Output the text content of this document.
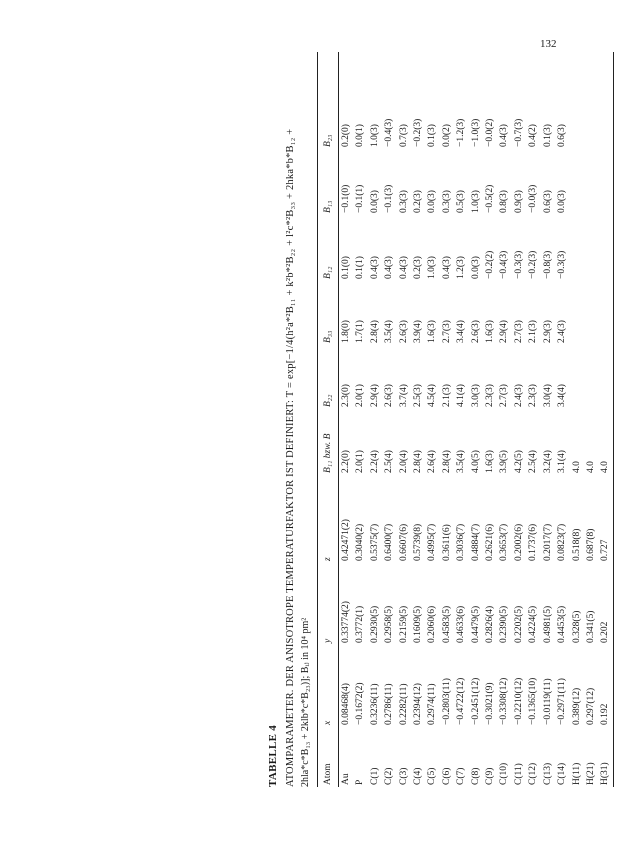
132
TABELLE 4 ATOMPARAMETER. DER ANISOTROPE TEMPERATURFAKTOR IST DEFINIERT: T = exp[−1/4(h²a*²B₁₁ + k²b*²B₂₂ + l²c*²B₃₃ + 2hka*b*B₁₂ + 2hla*c*B₁₃ + 2klb*c*B₂₃)]; Bᵢⱼ in 10⁴ pm² Atom	x	y	z	B₁₁ bzw. B	B₂₂	B₃₃	B₁₂	B₁₃	B₂₃
Au	0.08468(4)	0.33774(2)	0.42471(2)	2.2(0)	2.3(0)	1.8(0)	0.1(0)	−0.1(0)	0.2(0)
P	−0.1672(2)	0.3772(1)	0.3040(2)	2.0(1)	2.0(1)	1.7(1)	0.1(1)	−0.1(1)	0.0(1)
C(1)	0.3236(11)	0.2930(5)	0.5375(7)	2.2(4)	2.9(4)	2.8(4)	0.4(3)	0.0(3)	1.0(3)
C(2)	0.2786(11)	0.2958(5)	0.6400(7)	2.5(4)	2.6(3)	3.5(4)	0.4(3)	−0.1(3)	−0.4(3)
C(3)	0.2282(11)	0.2159(5)	0.6607(6)	2.0(4)	3.7(4)	2.6(3)	0.4(3)	0.3(3)	0.7(3)
C(4)	0.2394(12)	0.1609(5)	0.5739(8)	2.8(4)	2.5(3)	3.9(4)	0.2(3)	0.2(3)	−0.2(3)
C(5)	0.2974(11)	0.2060(6)	0.4995(7)	2.6(4)	4.5(4)	1.6(3)	1.0(3)	0.0(3)	0.1(3)
C(6)	−0.2803(11)	0.4583(5)	0.3611(6)	2.8(4)	2.1(3)	2.7(3)	0.4(3)	0.3(3)	0.0(2)
C(7)	−0.4722(12)	0.4633(6)	0.3036(7)	3.5(4)	4.1(4)	3.4(4)	1.2(3)	0.5(3)	−1.2(3)
C(8)	−0.2451(12)	0.4479(5)	0.4884(7)	4.0(5)	3.0(3)	2.6(3)	0.0(3)	1.0(3)	−1.0(3)
C(9)	−0.3021(9)	0.2826(4)	0.2621(6)	1.6(3)	2.3(3)	1.6(3)	−0.2(2)	−0.5(2)	−0.0(2)
C(10)	−0.3308(12)	0.2390(5)	0.3653(7)	3.9(5)	2.7(3)	2.9(4)	−0.4(3)	0.8(3)	0.4(3)
C(11)	−0.2210(12)	0.2202(5)	0.2002(6)	4.2(5)	2.4(3)	2.7(3)	−0.3(3)	0.9(3)	−0.7(3)
C(12)	−0.1365(10)	0.4224(5)	0.1737(6)	2.5(4)	2.3(3)	2.1(3)	−0.2(3)	−0.0(3)	0.4(2)
C(13)	−0.0119(11)	0.4981(5)	0.2017(7)	3.2(4)	3.0(4)	2.9(3)	−0.8(3)	0.6(3)	0.1(3)
C(14)	−0.2971(11)	0.4453(5)	0.0823(7)	3.1(4)	3.4(4)	2.4(3)	−0.3(3)	0.0(3)	0.6(3)
H(11)	0.389(12)	0.328(5)	0.518(8)	4.0					
H(21)	0.297(12)	0.341(5)	0.687(8)	4.0					
H(31)	0.192	0.202	0.727	4.0					
